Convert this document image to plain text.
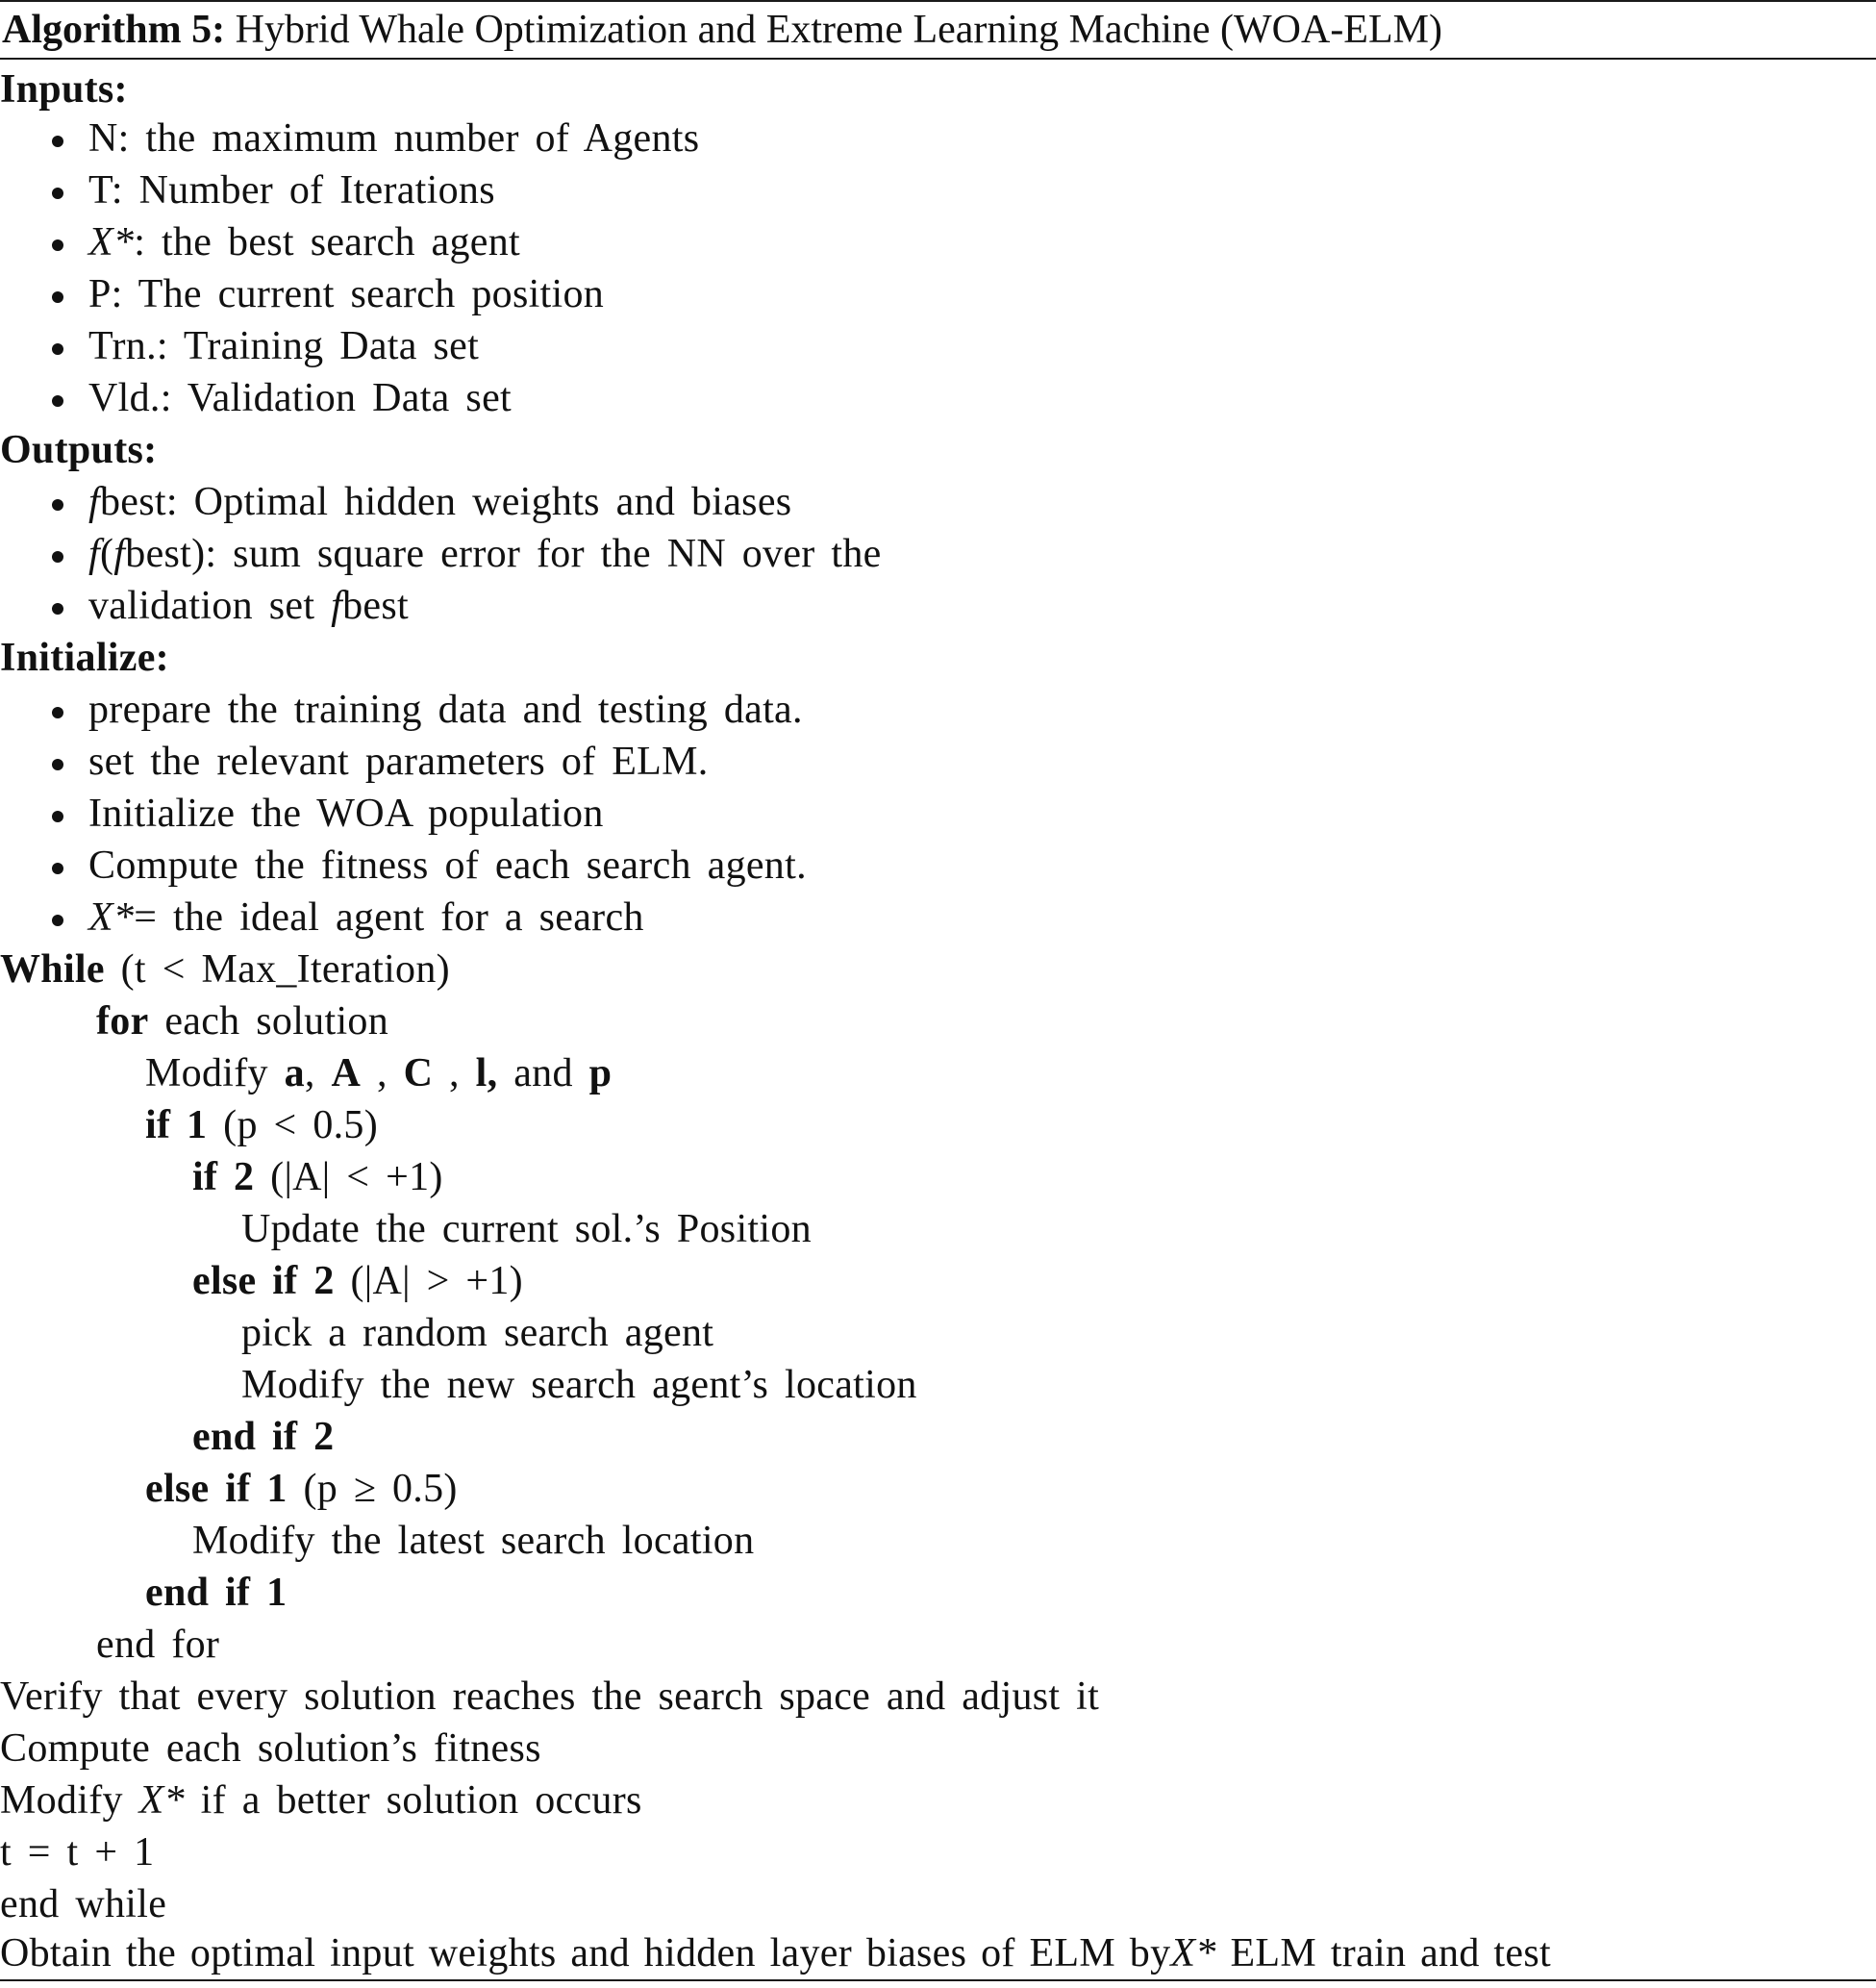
Algorithm 5: Hybrid Whale Optimization and Extreme Learning Machine (WOA-ELM)
Inputs:
N: the maximum number of Agents
T: Number of Iterations
X*: the best search agent
P: The current search position
Trn.: Training Data set
Vld.: Validation Data set
Outputs:
fbest: Optimal hidden weights and biases
f(fbest): sum square error for the NN over the
validation set fbest
Initialize:
prepare the training data and testing data.
set the relevant parameters of ELM.
Initialize the WOA population
Compute the fitness of each search agent.
X*= the ideal agent for a search
While (t < Max_Iteration)
for each solution
Modify a, A , C , l, and p
if 1 (p < 0.5)
if 2 (|A| < +1)
Update the current sol.’s Position
else if 2 (|A| > +1)
pick a random search agent
Modify the new search agent’s location
end if 2
else if 1 (p ≥ 0.5)
Modify the latest search location
end if 1
end for
Verify that every solution reaches the search space and adjust it
Compute each solution’s fitness
Modify X* if a better solution occurs
t = t + 1
end while
Obtain the optimal input weights and hidden layer biases of ELM byX* ELM train and test
